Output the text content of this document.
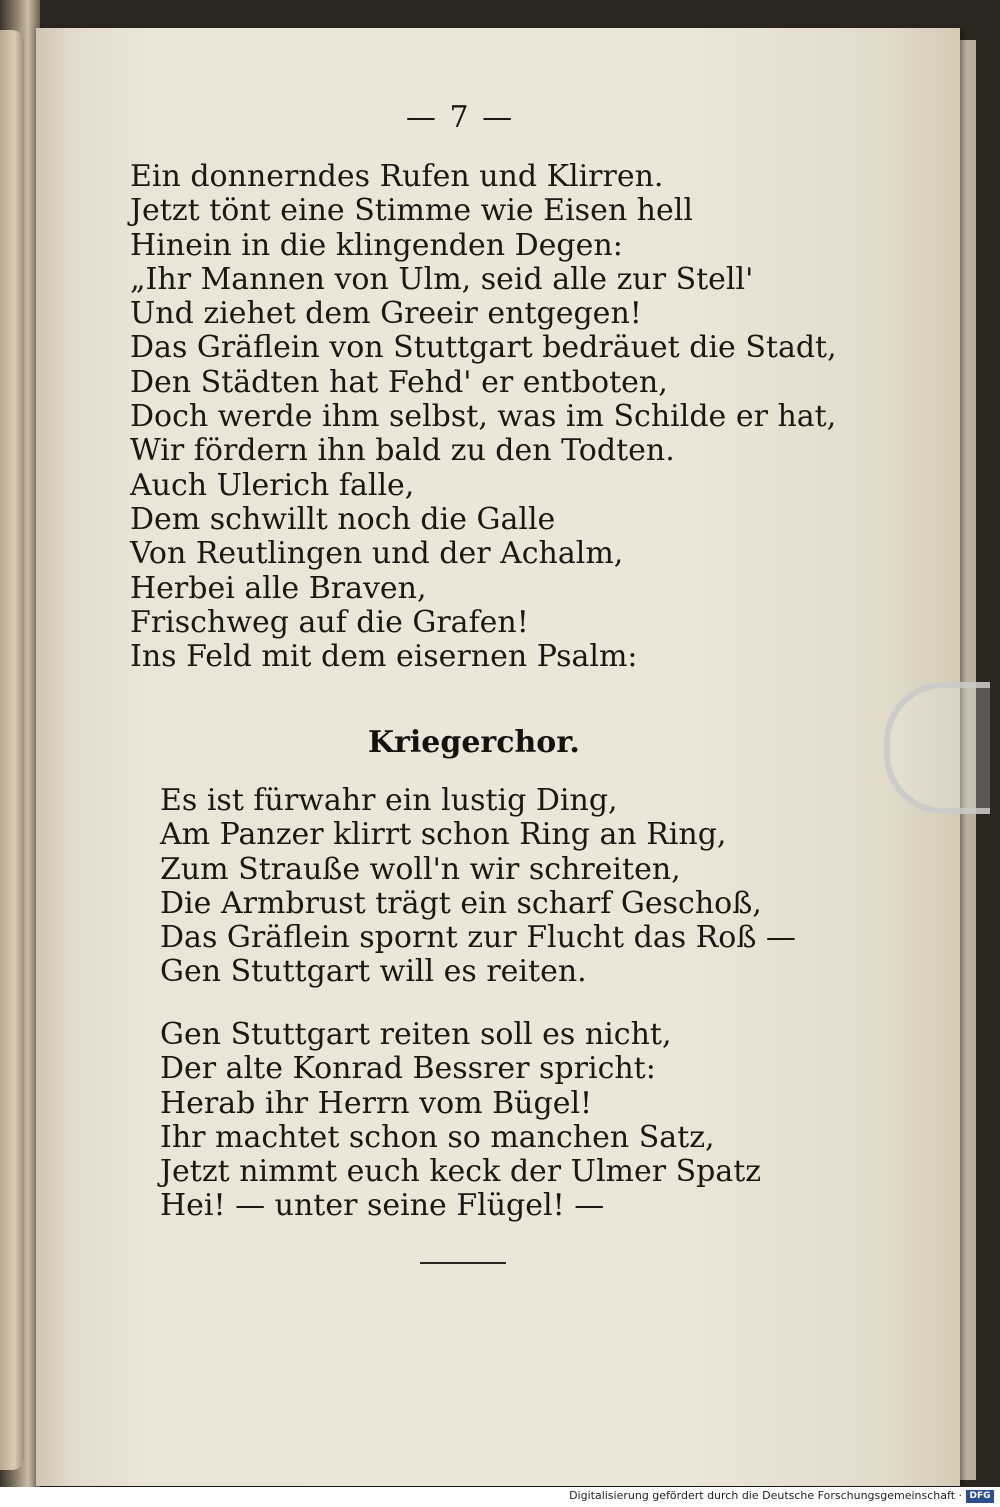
— 7 —
Ein donnerndes Rufen und Klirren.
Jetzt tönt eine Stimme wie Eisen hell
Hinein in die klingenden Degen:
„Ihr Mannen von Ulm, seid alle zur Stell'
Und ziehet dem Greeir entgegen!
Das Gräflein von Stuttgart bedräuet die Stadt,
Den Städten hat Fehd' er entboten,
Doch werde ihm selbst, was im Schilde er hat,
Wir fördern ihn bald zu den Todten.
Auch Ulerich falle,
Dem schwillt noch die Galle
Von Reutlingen und der Achalm,
Herbei alle Braven,
Frischweg auf die Grafen!
Ins Feld mit dem eisernen Psalm:
Kriegerchor.
Es ist fürwahr ein lustig Ding,
Am Panzer klirrt schon Ring an Ring,
Zum Strauße woll'n wir schreiten,
Die Armbrust trägt ein scharf Geschoß,
Das Gräflein spornt zur Flucht das Roß —
Gen Stuttgart will es reiten.
Gen Stuttgart reiten soll es nicht,
Der alte Konrad Bessrer spricht:
Herab ihr Herrn vom Bügel!
Ihr machtet schon so manchen Satz,
Jetzt nimmt euch keck der Ulmer Spatz
Hei! — unter seine Flügel! —
Digitalisierung gefördert durch die Deutsche Forschungsgemeinschaft · DFG
